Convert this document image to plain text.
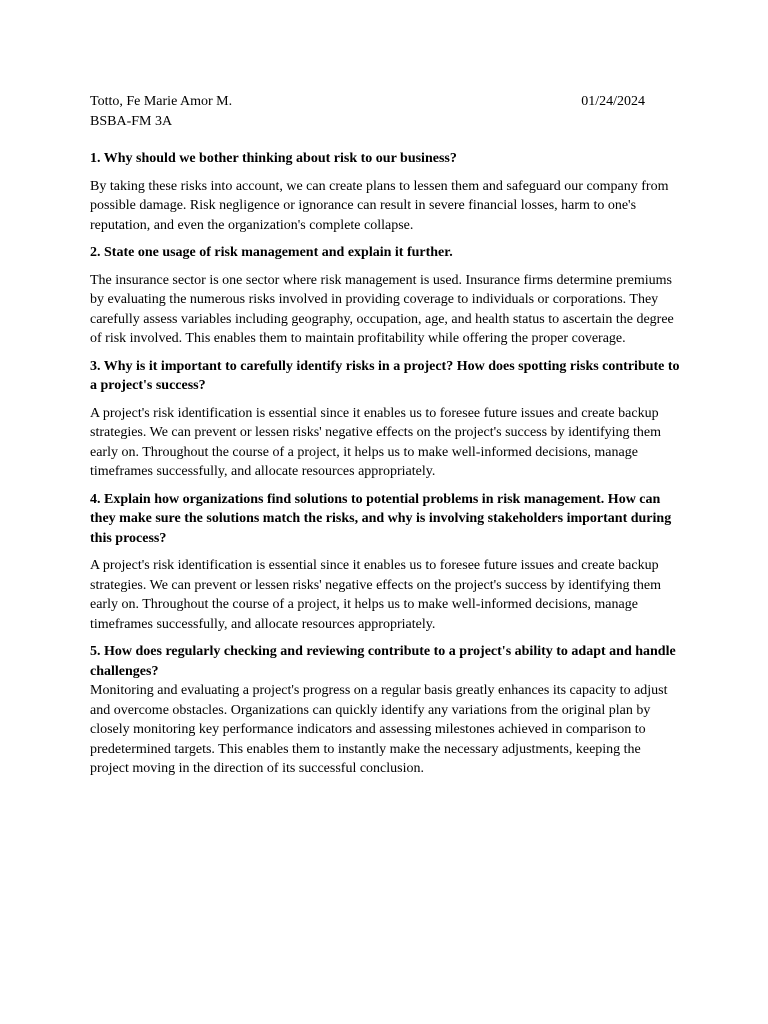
Totto, Fe Marie Amor M.	01/24/2024

BSBA-FM 3A

1. Why should we bother thinking about risk to our business?

By taking these risks into account, we can create plans to lessen them and safeguard our company from possible damage. Risk negligence or ignorance can result in severe financial losses, harm to one's reputation, and even the organization's complete collapse.

2. State one usage of risk management and explain it further.

The insurance sector is one sector where risk management is used. Insurance firms determine premiums by evaluating the numerous risks involved in providing coverage to individuals or corporations. They carefully assess variables including geography, occupation, age, and health status to ascertain the degree of risk involved. This enables them to maintain profitability while offering the proper coverage.

3. Why is it important to carefully identify risks in a project? How does spotting risks contribute to a project's success?

A project's risk identification is essential since it enables us to foresee future issues and create backup strategies. We can prevent or lessen risks' negative effects on the project's success by identifying them early on. Throughout the course of a project, it helps us to make well-informed decisions, manage timeframes successfully, and allocate resources appropriately.

4. Explain how organizations find solutions to potential problems in risk management. How can they make sure the solutions match the risks, and why is involving stakeholders important during this process?

A project's risk identification is essential since it enables us to foresee future issues and create backup strategies. We can prevent or lessen risks' negative effects on the project's success by identifying them early on. Throughout the course of a project, it helps us to make well-informed decisions, manage timeframes successfully, and allocate resources appropriately.

5. How does regularly checking and reviewing contribute to a project's ability to adapt and handle challenges?

Monitoring and evaluating a project's progress on a regular basis greatly enhances its capacity to adjust and overcome obstacles. Organizations can quickly identify any variations from the original plan by closely monitoring key performance indicators and assessing milestones achieved in comparison to predetermined targets. This enables them to instantly make the necessary adjustments, keeping the project moving in the direction of its successful conclusion.
